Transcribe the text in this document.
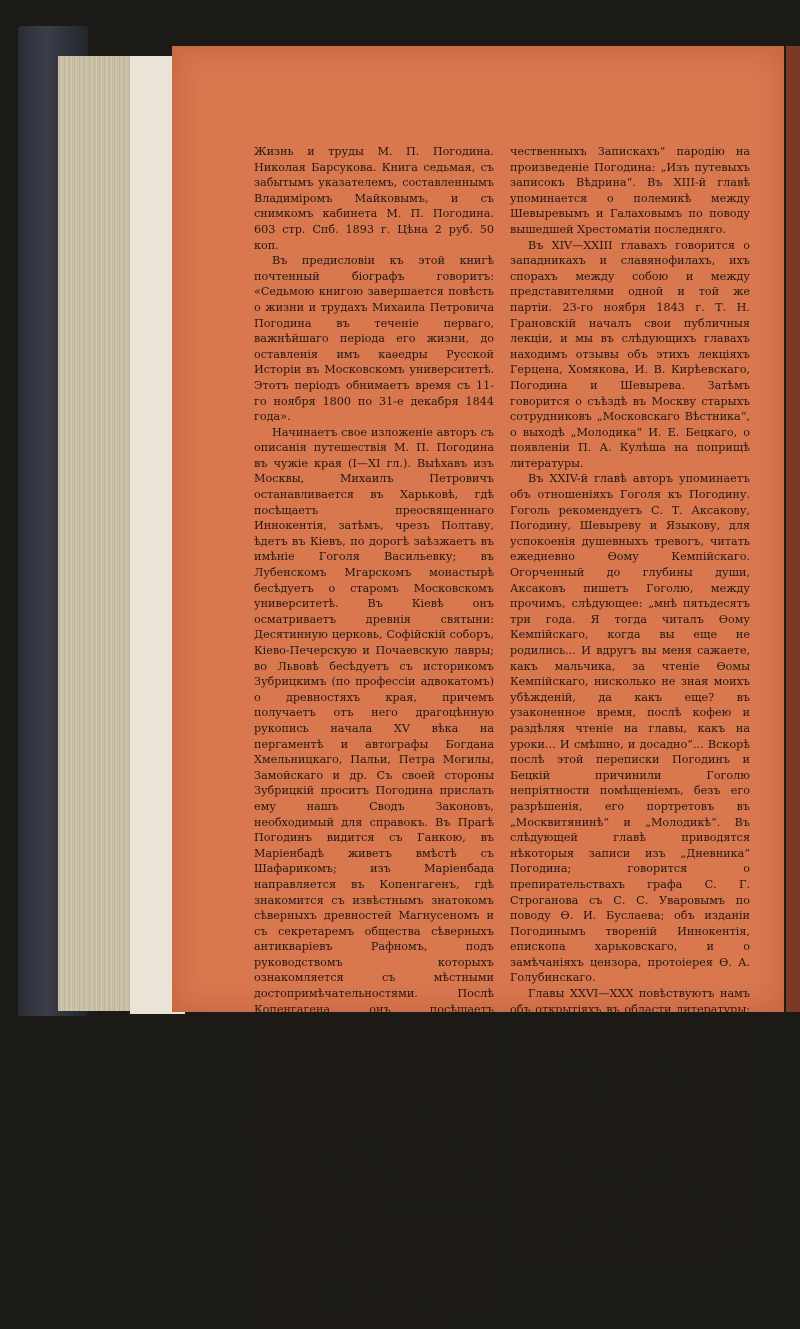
Жизнь и труды М. П. Погодина. Николая Барсукова. Книга седьмая, съ забытымъ указателемъ, составленнымъ Владиміромъ Майковымъ, и съ снимкомъ кабинета М. П. Погодина. 603 стр. Спб. 1893 г. Цѣна 2 руб. 50 коп.

Въ предисловіи къ этой книгѣ почтенный біографъ говоритъ: «Седьмою книгою завершается повѣсть о жизни и трудахъ Михаила Петровича Погодина въ теченіе перваго, важнѣйшаго періода его жизни, до оставленія имъ каѳедры Русской Исторіи въ Московскомъ университетѣ. Этотъ періодъ обнимаетъ время съ 11-го ноября 1800 по 31-е декабря 1844 года».

Начинаетъ свое изложеніе авторъ съ описанія путешествія М. П. Погодина въ чужіе края (I—XI гл.). Выѣхавъ изъ Москвы, Михаилъ Петровичъ останавливается въ Харьковѣ, гдѣ посѣщаетъ преосвященнаго Иннокентія, затѣмъ, чрезъ Полтаву, ѣдетъ въ Кіевъ, по дорогѣ заѣзжаетъ въ имѣніе Гоголя Васильевку; въ Лубенскомъ Мгарскомъ монастырѣ бесѣдуетъ о старомъ Московскомъ университетѣ. Въ Кіевѣ онъ осматриваетъ древнія святыни: Десятинную церковь, Софійскій соборъ, Кіево-Печерскую и Почаевскую лавры; во Львовѣ бесѣдуетъ съ историкомъ Зубрицкимъ (по профессіи адвокатомъ) о древностяхъ края, причемъ получаетъ отъ него драгоцѣнную рукопись начала XV вѣка на пергаментѣ и автографы Богдана Хмельницкаго, Пальи, Петра Могилы, Замойскаго и др. Съ своей стороны Зубрицкій проситъ Погодина прислать ему нашъ Сводъ Законовъ, необходимый для справокъ. Въ Прагѣ Погодинъ видится съ Ганкою, въ Маріенбадѣ живетъ вмѣстѣ съ Шафарикомъ; изъ Маріенбада направляется въ Копенгагенъ, гдѣ знакомится съ извѣстнымъ знатокомъ сѣверныхъ древностей Магнусеномъ и съ секретаремъ общества сѣверныхъ антикваріевъ Рафномъ, подъ руководствомъ которыхъ ознакомляется съ мѣстными достопримѣчательностями. Послѣ Копенгагена онъ посѣщаетъ Геттингенъ, Ганноверъ, Дюссельдорфъ; въ Брюсселѣ бесѣдуетъ съ Лелевелемъ, въ Парижѣ видится съ Шатобріаномъ, встрѣчается въ церкви съ С. М. Соловьевымъ и Г. В. Варвинскимъ. Чрезъ Страсбургъ и Донаверть Погодинъ проѣзжаетъ въ Мюнхенъ, бесѣдуетъ тамъ съ профессорами Раулъ-Рашетомъ, Тиршемъ и Схинасомъ; чрезъ Вѣну и Львовъ возвращается въ отечество и представляетъ С. С. Уварову донесеніе о своемъ путешествіи.

Возвратившись въ Москву, Погодинъ вступаетъ въ завѣдываніе редакціей „Москвитянина“. Въ это время (1843 г.) возгорѣлась полемика между этимъ журналомъ и „Отечественными Записками“, вслѣдствіе выходки Герцена, напечатавшаго въ „Оте-

чественныхъ Запискахъ“ пародію на произведеніе Погодина: „Изъ путевыхъ записокъ Вѣдрина“. Въ XIII-й главѣ упоминается о полемикѣ между Шевыревымъ и Галаховымъ по поводу вышедшей Хрестоматіи последняго.

Въ XIV—XXIII главахъ говорится о западникахъ и славянофилахъ, ихъ спорахъ между собою и между представителями одной и той же партіи. 23-го ноября 1843 г. Т. Н. Грановскій началъ свои публичныя лекціи, и мы въ слѣдующихъ главахъ находимъ отзывы объ этихъ лекціяхъ Герцена, Хомякова, И. В. Кирѣевскаго, Погодина и Шевырева. Затѣмъ говорится о съѣздѣ въ Москву старыхъ сотрудниковъ „Московскаго Вѣстника“, о выходѣ „Молодика“ И. Е. Бецкаго, о появленіи П. А. Кулѣша на поприщѣ литературы.

Въ XXIV-й главѣ авторъ упоминаетъ объ отношеніяхъ Гоголя къ Погодину. Гоголь рекомендуетъ С. Т. Аксакову, Погодину, Шевыреву и Языкову, для успокоенія душевныхъ тревогъ, читать ежедневно Ѳому Кемпійскаго. Огорченный до глубины души, Аксаковъ пишетъ Гоголю, между прочимъ, слѣдующее: „мнѣ пятьдесятъ три года. Я тогда читалъ Ѳому Кемпійскаго, когда вы еще не родились... И вдругъ вы меня сажаете, какъ мальчика, за чтеніе Ѳомы Кемпійскаго, нисколько не зная моихъ убѣжденій, да какъ еще? въ узаконенное время, послѣ кофею и раздѣляя чтеніе на главы, какъ на уроки... И смѣшно, и досадно“... Вскорѣ послѣ этой переписки Погодинъ и Бецкій причинили Гоголю непріятности помѣщеніемъ, безъ его разрѣшенія, его портретовъ въ „Москвитянинѣ“ и „Молодикѣ“. Въ слѣдующей главѣ приводятся нѣкоторыя записи изъ „Дневника“ Погодина; говорится о препирательствахъ графа С. Г. Строганова съ С. С. Уваровымъ по поводу Ѳ. И. Буслаева; объ изданіи Погодинымъ твореній Иннокентія, епископа харьковскаго, и о замѣчаніяхъ цензора, протоіерея Ѳ. А. Голубинскаго.

Главы XXVI—XXX повѣствуютъ намъ объ открытіяхъ въ области литературы: въ Сергіевой лаврѣ А. В. Горскій открываетъ паннонскія житія св. учителей славянскихъ Кирилла и Меѳодія; Филаретъ, ректоръ Московской духовной академіи (впослѣдствіи архіепископъ черниговскій и нѣжинскій), открываетъ Четыре слова преподобнаго отца нашего Серапіона; П. Н. Мурзакевичъ, ученикъ Погодина, открываетъ драгоцѣнный памятникъ законодательства вѣчевой Руси—Псковскую Судную грамоту, самъ же Погодинъ, при посредствѣ К. И. Аверина, нашелъ свидѣтельства о Мѣстничествѣ задолго до Іоанна III,
